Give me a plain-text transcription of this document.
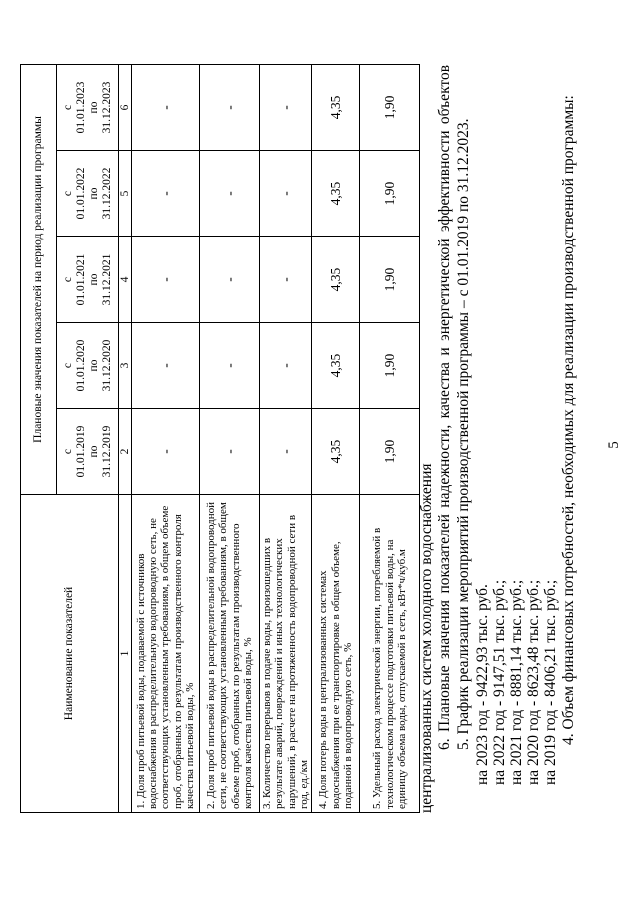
5
4. Объем финансовых потребностей, необходимых для реализации производственной программы:
на 2019 год - 8406,21 тыс. руб.;
на 2020 год - 8623,48 тыс. руб.;
на 2021 год - 8881,14 тыс. руб.;
на 2022 год - 9147,51 тыс. руб.;
на 2023 год - 9422,93 тыс. руб.
5. График реализации мероприятий производственной программы – с 01.01.2019 по 31.12.2023.
6. Плановые значения показателей надежности, качества и энергетической эффективности объектов
централизованных систем холодного водоснабжения
Наименование показателей	Плановые значения показателей на период реализации программы				
	с
01.01.2019
по
31.12.2019	с
01.01.2020
по
31.12.2020	с
01.01.2021
по
31.12.2021	с
01.01.2022
по
31.12.2022	с
01.01.2023
по
31.12.2023
1	2	3	4	5	6
1. Доля проб питьевой воды, подаваемой с источников водоснабжения в распределительную водопроводную сеть, не соответствующих установленным требованиям, в общем объеме проб, отобранных по результатам производственного контроля качества питьевой воды, %	-	-	-	-	-
2. Доля проб питьевой воды в распределительной водопроводной сети, не соответствующих установленным требованиям, в общем объеме проб, отобранных по результатам производственного контроля качества питьевой воды, %	-	-	-	-	-
3. Количество перерывов в подаче воды, произошедших в результате аварий, повреждений и иных технологических нарушений, в расчете на протяженность водопроводной сети в год, ед./км	-	-	-	-	-
4. Доля потерь воды в централизованных системах водоснабжения при ее транспортировке в общем объеме, поданной в водопроводную сеть, %	4,35	4,35	4,35	4,35	4,35
5. Удельный расход электрической энергии, потребляемой в технологическом процессе подготовки питьевой воды, на единицу объема воды, отпускаемой в сеть, кВт*ч/куб.м	1,90	1,90	1,90	1,90	1,90
